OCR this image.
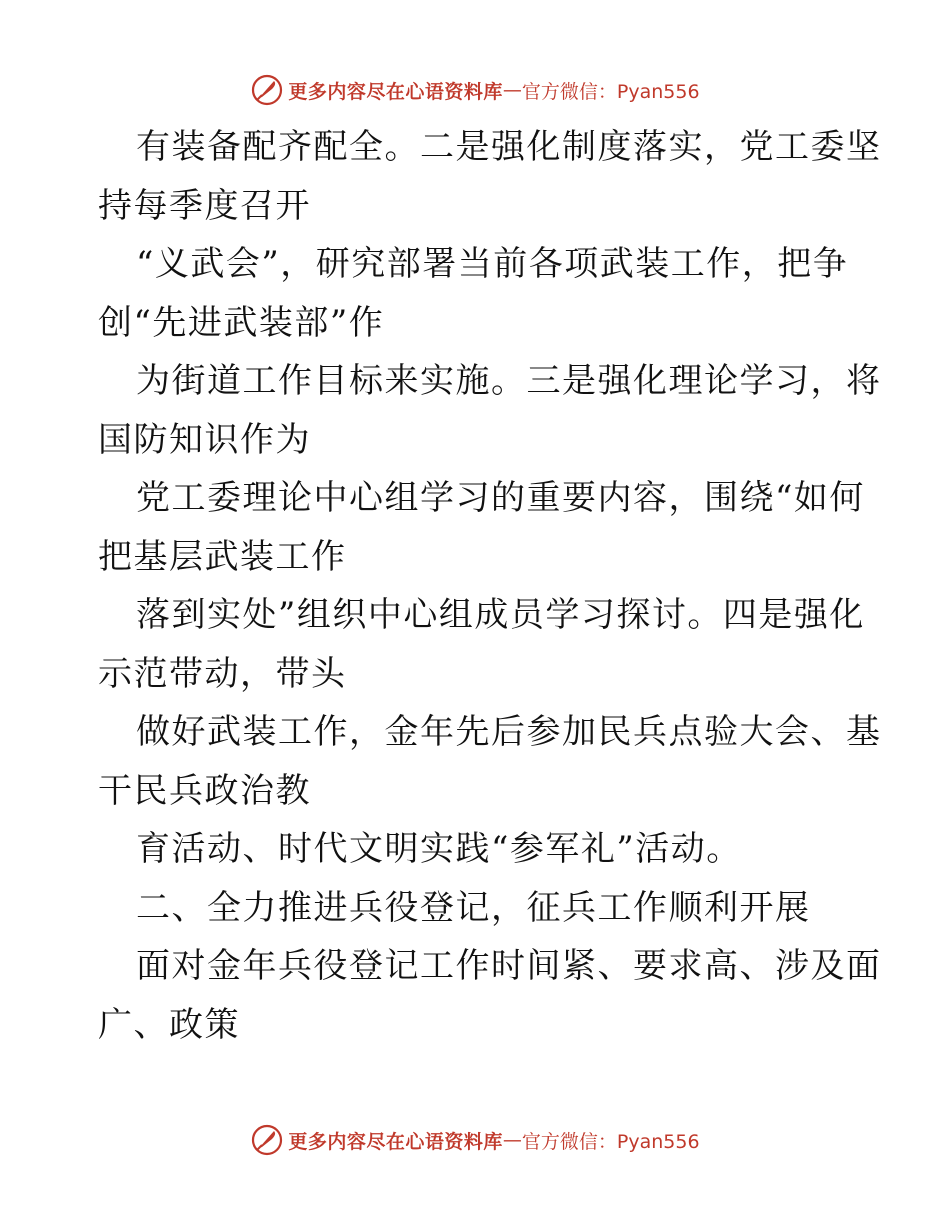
更多内容尽在心语资料库 — 官方微信：Pyan556
有装备配齐配全。二是强化制度落实，党工委坚
持每季度召开
“义武会”，研究部署当前各项武装工作，把争
创“先进武装部”作
为街道工作目标来实施。三是强化理论学习，将
国防知识作为
党工委理论中心组学习的重要内容，围绕“如何
把基层武装工作
落到实处”组织中心组成员学习探讨。四是强化
示范带动，带头
做好武装工作，金年先后参加民兵点验大会、基
干民兵政治教
育活动、时代文明实践“参军礼”活动。
二、全力推进兵役登记，征兵工作顺利开展
面对金年兵役登记工作时间紧、要求高、涉及面
广、政策
更多内容尽在心语资料库 — 官方微信：Pyan556
